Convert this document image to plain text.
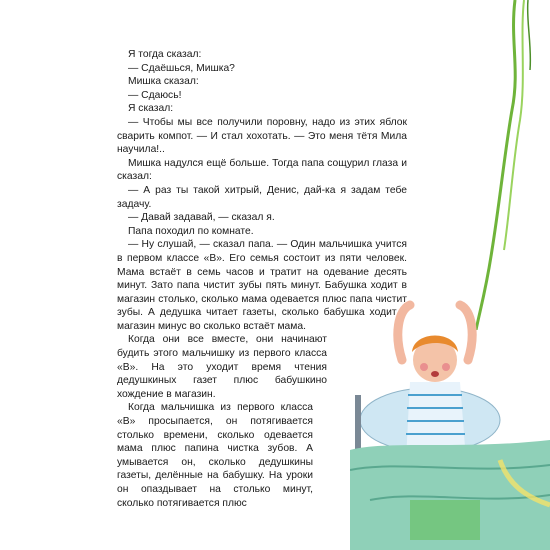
Я тогда сказал:

— Сдаёшься, Мишка?

Мишка сказал:

— Сдаюсь!

Я сказал:

— Чтобы мы все получили поровну, надо из этих яблок сварить компот. — И стал хохотать. — Это меня тётя Мила научила!..

Мишка надулся ещё больше. Тогда папа сощурил глаза и сказал:

— А раз ты такой хитрый, Денис, дай-ка я задам тебе задачу.

— Давай задавай, — сказал я.

Папа походил по комнате.

— Ну слушай, — сказал папа. — Один мальчишка учится в первом классе «В». Его семья состоит из пяти человек. Мама встаёт в семь часов и тратит на одевание десять минут. Зато папа чистит зубы пять минут. Бабушка ходит в магазин столько, сколько мама одевается плюс папа чистит зубы. А дедушка читает газеты, сколько бабушка ходит в магазин минус во сколько встаёт мама.

Когда они все вместе, они начинают будить этого мальчишку из первого класса «В». На это уходит время чтения дедушкиных газет плюс бабушкино хождение в магазин.

Когда мальчишка из первого класса «В» просыпается, он потягивается столько времени, сколько одевается мама плюс папина чистка зубов. А умывается он, сколько дедушкины газеты, делённые на бабушку. На уроки он опаздывает на столько минут, сколько потягивается плюс
